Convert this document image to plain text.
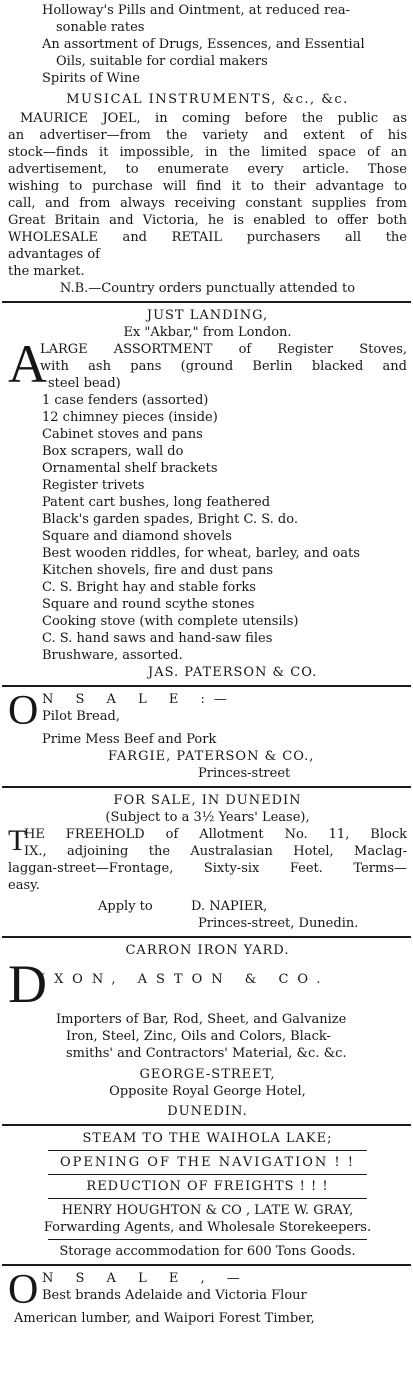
Holloway's Pills and Ointment, at reduced rea-
sonable rates
An assortment of Drugs, Essences, and Essential
Oils, suitable for cordial makers
Spirits of Wine
MUSICAL INSTRUMENTS, &c., &c.
MAURICE JOEL, in coming before the public as
an advertiser—from the variety and extent of his
stock—finds it impossible, in the limited space of an
advertisement, to enumerate every article. Those
wishing to purchase will find it to their advantage to
call, and from always receiving constant supplies from
Great Britain and Victoria, he is enabled to offer both
WHOLESALE and RETAIL purchasers all the
advantages of
the market.
N.B.—Country orders punctually attended to
JUST LANDING,
Ex "Akbar," from London.
A
LARGE ASSORTMENT of Register Stoves,
with ash pans (ground Berlin blacked and
steel bead)
1 case fenders (assorted)
12 chimney pieces (inside)
Cabinet stoves and pans
Box scrapers, wall do
Ornamental shelf brackets
Register trivets
Patent cart bushes, long feathered
Black's garden spades, Bright C. S. do.
Square and diamond shovels
Best wooden riddles, for wheat, barley, and oats
Kitchen shovels, fire and dust pans
C. S. Bright hay and stable forks
Square and round scythe stones
Cooking stove (with complete utensils)
C. S. hand saws and hand-saw files
Brushware, assorted.
JAS. PATERSON & CO.
O N S A L E :—
Pilot Bread,
Prime Mess Beef and Pork
FARGIE, PATERSON & CO.,
Princes-street
FOR SALE, IN DUNEDIN
(Subject to a 3½ Years' Lease),
T
HE FREEHOLD of Allotment No. 11, Block
IX., adjoining the Australasian Hotel, Maclag-
laggan-street—Frontage, Sixty-six Feet. Terms—
easy.
Apply to	D. NAPIER,
Princes-street, Dunedin.
CARRON IRON YARD.
D
IXON, ASTON & CO.
Importers of Bar, Rod, Sheet, and Galvanize
Iron, Steel, Zinc, Oils and Colors, Black-
smiths' and Contractors' Material, &c. &c.
GEORGE-STREET,
Opposite Royal George Hotel,
DUNEDIN.
STEAM TO THE WAIHOLA LAKE;
OPENING OF THE NAVIGATION ! !
REDUCTION OF FREIGHTS ! ! !
HENRY HOUGHTON & CO , LATE W. GRAY,
Forwarding Agents, and Wholesale Storekeepers.
Storage accommodation for 600 Tons Goods.
O N S A L E , —
Best brands Adelaide and Victoria Flour
American lumber, and Waipori Forest Timber,
